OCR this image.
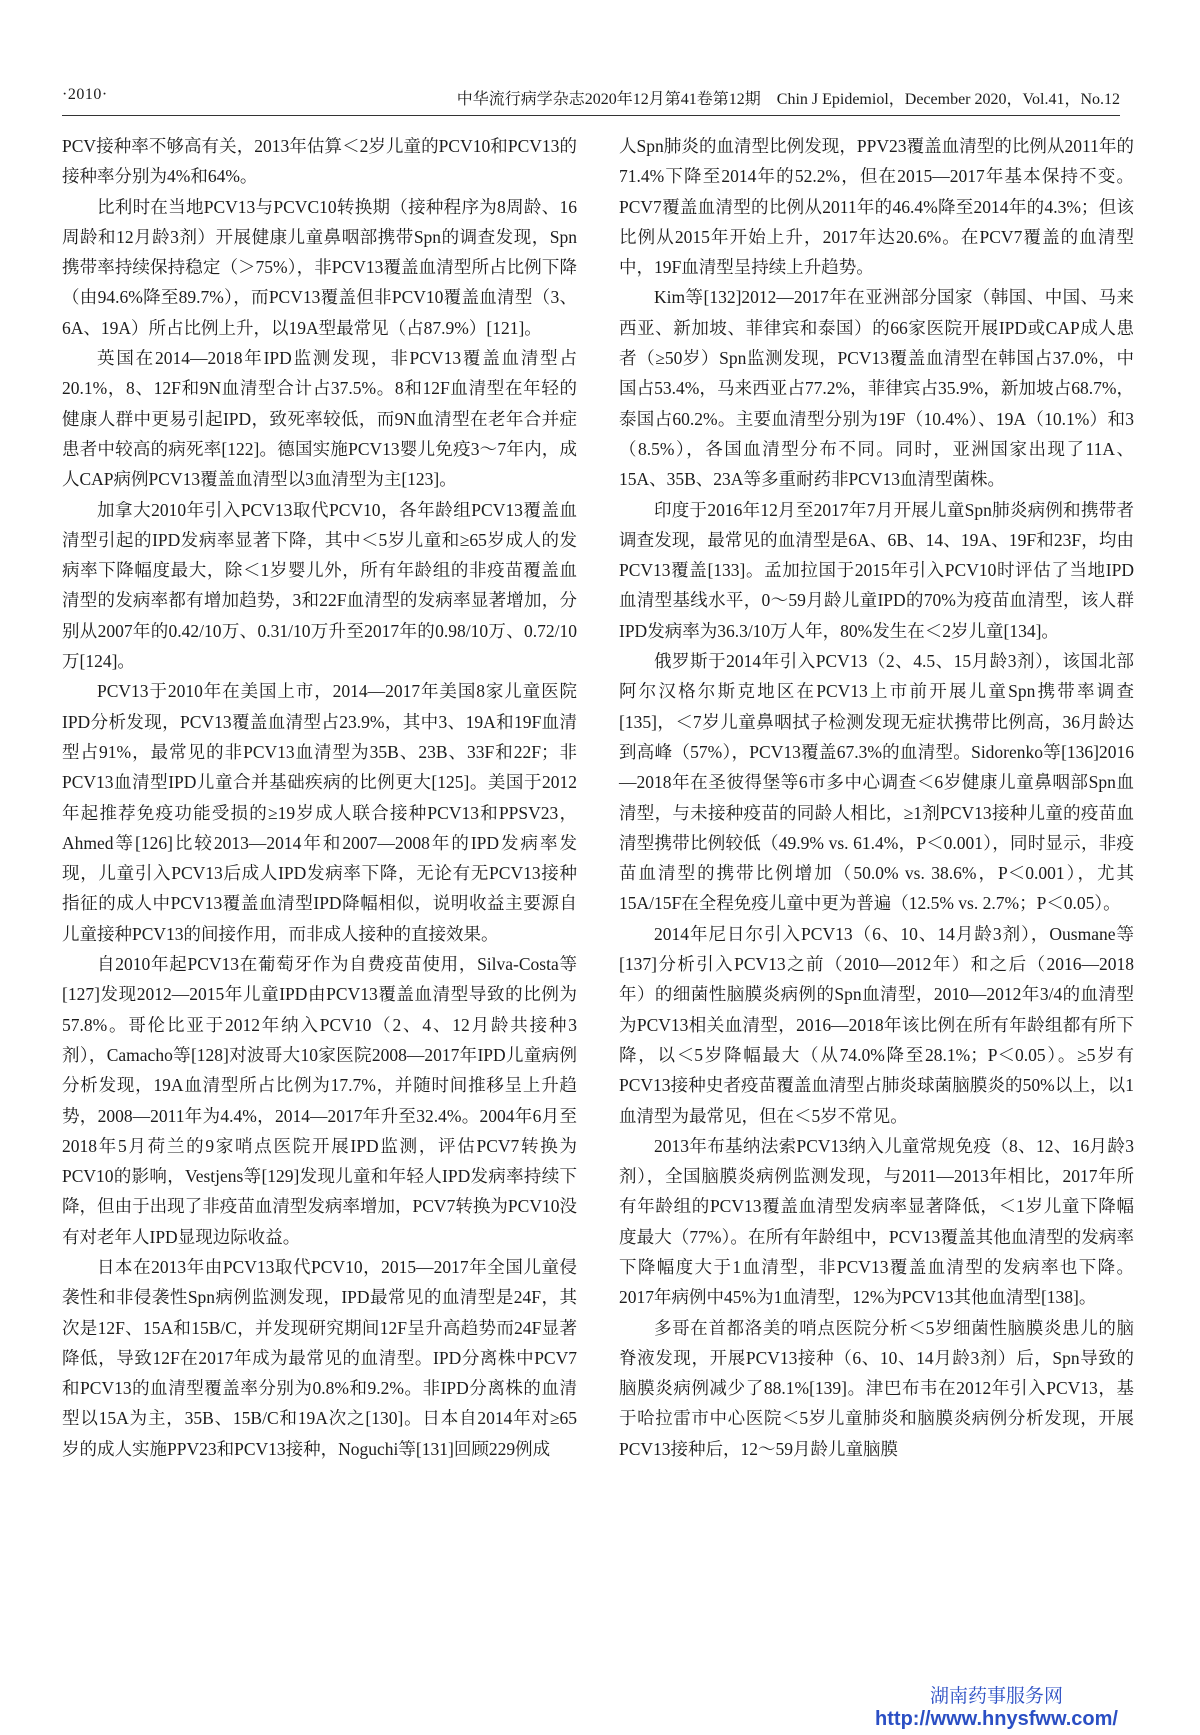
·2010·	中华流行病学杂志2020年12月第41卷第12期　Chin J Epidemiol，December 2020，Vol.41，No.12

PCV接种率不够高有关，2013年估算＜2岁儿童的PCV10和PCV13的接种率分别为4%和64%。

比利时在当地PCV13与PCVC10转换期（接种程序为8周龄、16周龄和12月龄3剂）开展健康儿童鼻咽部携带Spn的调查发现，Spn携带率持续保持稳定（＞75%），非PCV13覆盖血清型所占比例下降（由94.6%降至89.7%），而PCV13覆盖但非PCV10覆盖血清型（3、6A、19A）所占比例上升，以19A型最常见（占87.9%）[121]。

英国在2014—2018年IPD监测发现，非PCV13覆盖血清型占20.1%，8、12F和9N血清型合计占37.5%。8和12F血清型在年轻的健康人群中更易引起IPD，致死率较低，而9N血清型在老年合并症患者中较高的病死率[122]。德国实施PCV13婴儿免疫3～7年内，成人CAP病例PCV13覆盖血清型以3血清型为主[123]。

加拿大2010年引入PCV13取代PCV10，各年龄组PCV13覆盖血清型引起的IPD发病率显著下降，其中＜5岁儿童和≥65岁成人的发病率下降幅度最大，除＜1岁婴儿外，所有年龄组的非疫苗覆盖血清型的发病率都有增加趋势，3和22F血清型的发病率显著增加，分别从2007年的0.42/10万、0.31/10万升至2017年的0.98/10万、0.72/10万[124]。

PCV13于2010年在美国上市，2014—2017年美国8家儿童医院IPD分析发现，PCV13覆盖血清型占23.9%，其中3、19A和19F血清型占91%，最常见的非PCV13血清型为35B、23B、33F和22F；非PCV13血清型IPD儿童合并基础疾病的比例更大[125]。美国于2012年起推荐免疫功能受损的≥19岁成人联合接种PCV13和PPSV23，Ahmed等[126]比较2013—2014年和2007—2008年的IPD发病率发现，儿童引入PCV13后成人IPD发病率下降，无论有无PCV13接种指征的成人中PCV13覆盖血清型IPD降幅相似，说明收益主要源自儿童接种PCV13的间接作用，而非成人接种的直接效果。

自2010年起PCV13在葡萄牙作为自费疫苗使用，Silva-Costa等[127]发现2012—2015年儿童IPD由PCV13覆盖血清型导致的比例为57.8%。哥伦比亚于2012年纳入PCV10（2、4、12月龄共接种3剂），Camacho等[128]对波哥大10家医院2008—2017年IPD儿童病例分析发现，19A血清型所占比例为17.7%，并随时间推移呈上升趋势，2008—2011年为4.4%，2014—2017年升至32.4%。2004年6月至2018年5月荷兰的9家哨点医院开展IPD监测，评估PCV7转换为PCV10的影响，Vestjens等[129]发现儿童和年轻人IPD发病率持续下降，但由于出现了非疫苗血清型发病率增加，PCV7转换为PCV10没有对老年人IPD显现边际收益。

日本在2013年由PCV13取代PCV10，2015—2017年全国儿童侵袭性和非侵袭性Spn病例监测发现，IPD最常见的血清型是24F，其次是12F、15A和15B/C，并发现研究期间12F呈升高趋势而24F显著降低，导致12F在2017年成为最常见的血清型。IPD分离株中PCV7和PCV13的血清型覆盖率分别为0.8%和9.2%。非IPD分离株的血清型以15A为主，35B、15B/C和19A次之[130]。日本自2014年对≥65岁的成人实施PPV23和PCV13接种，Noguchi等[131]回顾229例成

人Spn肺炎的血清型比例发现，PPV23覆盖血清型的比例从2011年的71.4%下降至2014年的52.2%，但在2015—2017年基本保持不变。PCV7覆盖血清型的比例从2011年的46.4%降至2014年的4.3%；但该比例从2015年开始上升，2017年达20.6%。在PCV7覆盖的血清型中，19F血清型呈持续上升趋势。

Kim等[132]2012—2017年在亚洲部分国家（韩国、中国、马来西亚、新加坡、菲律宾和泰国）的66家医院开展IPD或CAP成人患者（≥50岁）Spn监测发现，PCV13覆盖血清型在韩国占37.0%，中国占53.4%，马来西亚占77.2%，菲律宾占35.9%，新加坡占68.7%，泰国占60.2%。主要血清型分别为19F（10.4%）、19A（10.1%）和3（8.5%），各国血清型分布不同。同时，亚洲国家出现了11A、15A、35B、23A等多重耐药非PCV13血清型菌株。

印度于2016年12月至2017年7月开展儿童Spn肺炎病例和携带者调查发现，最常见的血清型是6A、6B、14、19A、19F和23F，均由PCV13覆盖[133]。孟加拉国于2015年引入PCV10时评估了当地IPD血清型基线水平，0～59月龄儿童IPD的70%为疫苗血清型，该人群IPD发病率为36.3/10万人年，80%发生在＜2岁儿童[134]。

俄罗斯于2014年引入PCV13（2、4.5、15月龄3剂），该国北部阿尔汉格尔斯克地区在PCV13上市前开展儿童Spn携带率调查[135]，＜7岁儿童鼻咽拭子检测发现无症状携带比例高，36月龄达到高峰（57%），PCV13覆盖67.3%的血清型。Sidorenko等[136]2016—2018年在圣彼得堡等6市多中心调查＜6岁健康儿童鼻咽部Spn血清型，与未接种疫苗的同龄人相比，≥1剂PCV13接种儿童的疫苗血清型携带比例较低（49.9% vs. 61.4%，P＜0.001），同时显示，非疫苗血清型的携带比例增加（50.0% vs. 38.6%，P＜0.001），尤其15A/15F在全程免疫儿童中更为普遍（12.5% vs. 2.7%；P＜0.05）。

2014年尼日尔引入PCV13（6、10、14月龄3剂），Ousmane等[137]分析引入PCV13之前（2010—2012年）和之后（2016—2018年）的细菌性脑膜炎病例的Spn血清型，2010—2012年3/4的血清型为PCV13相关血清型，2016—2018年该比例在所有年龄组都有所下降，以＜5岁降幅最大（从74.0%降至28.1%；P＜0.05）。≥5岁有PCV13接种史者疫苗覆盖血清型占肺炎球菌脑膜炎的50%以上，以1血清型为最常见，但在＜5岁不常见。

2013年布基纳法索PCV13纳入儿童常规免疫（8、12、16月龄3剂），全国脑膜炎病例监测发现，与2011—2013年相比，2017年所有年龄组的PCV13覆盖血清型发病率显著降低，＜1岁儿童下降幅度最大（77%）。在所有年龄组中，PCV13覆盖其他血清型的发病率下降幅度大于1血清型，非PCV13覆盖血清型的发病率也下降。2017年病例中45%为1血清型，12%为PCV13其他血清型[138]。

多哥在首都洛美的哨点医院分析＜5岁细菌性脑膜炎患儿的脑脊液发现，开展PCV13接种（6、10、14月龄3剂）后，Spn导致的脑膜炎病例减少了88.1%[139]。津巴布韦在2012年引入PCV13，基于哈拉雷市中心医院＜5岁儿童肺炎和脑膜炎病例分析发现，开展PCV13接种后，12～59月龄儿童脑膜

湖南药事服务网
http://www.hnysfww.com/
